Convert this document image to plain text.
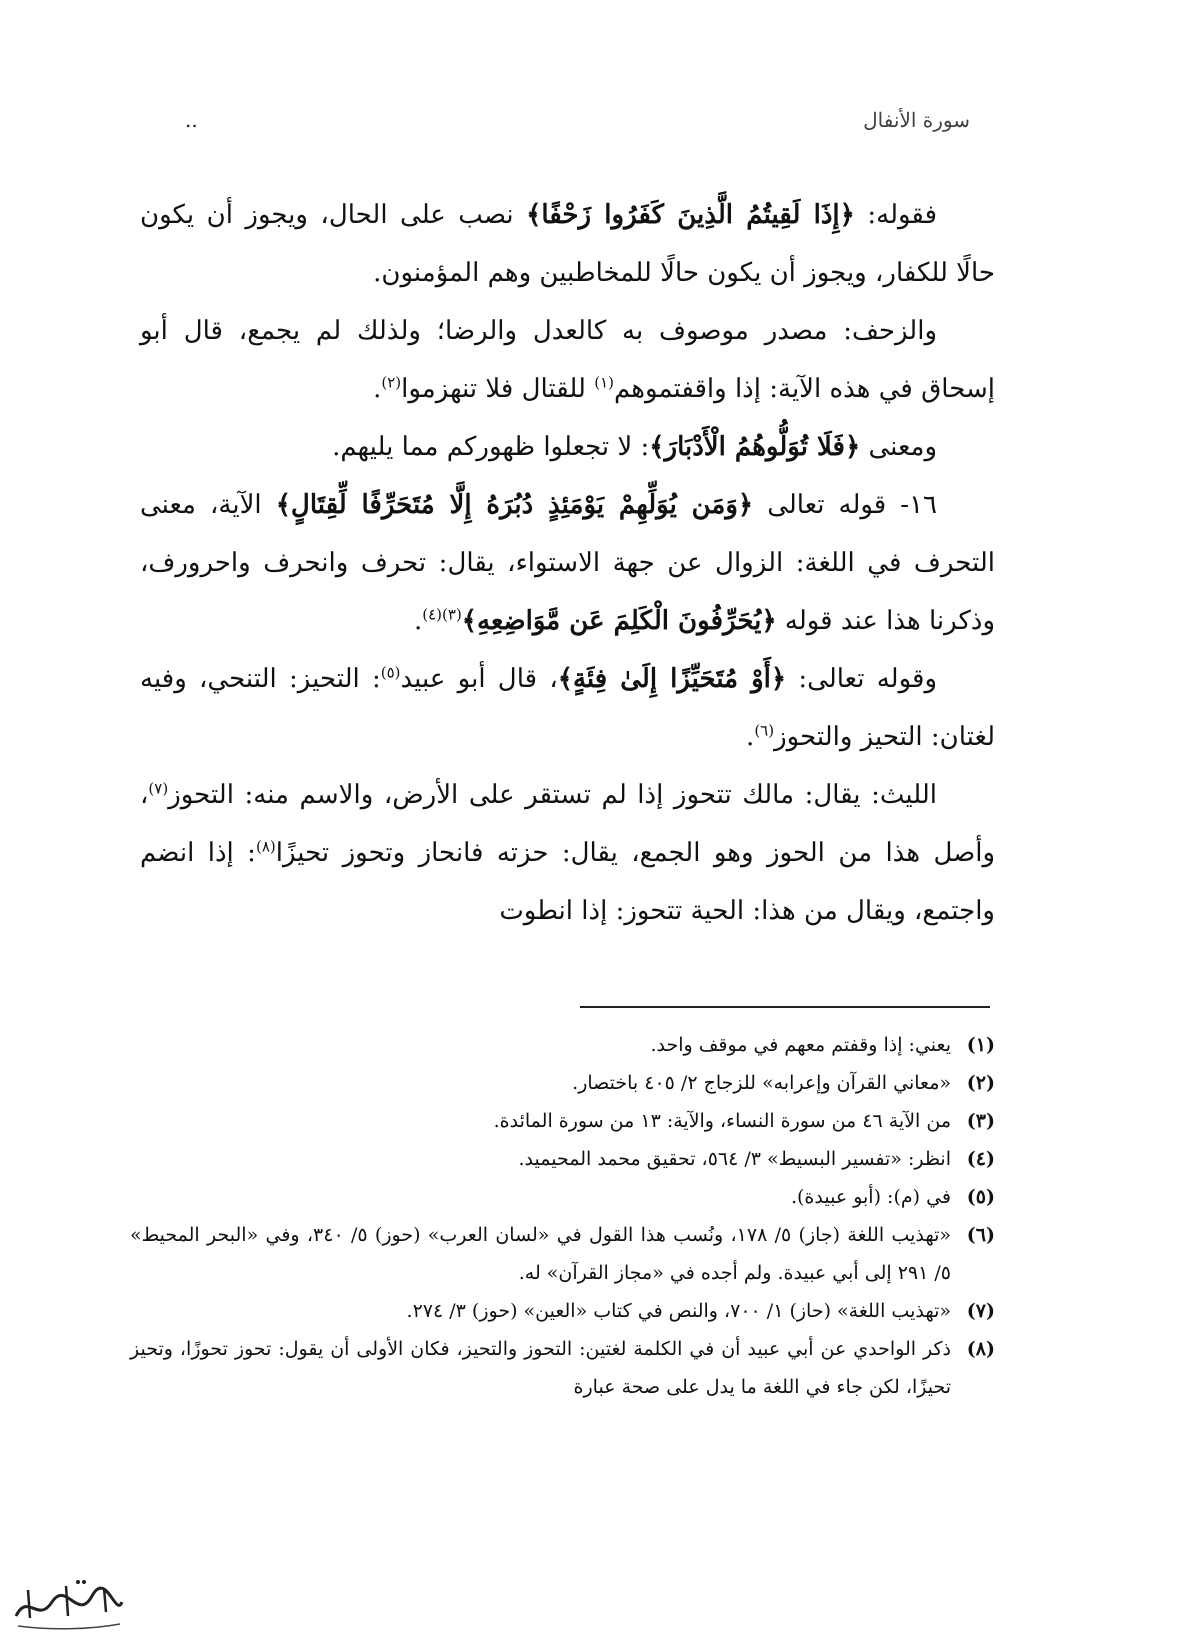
سورة الأنفال
..

فقوله: ﴿إِذَا لَقِيتُمُ الَّذِينَ كَفَرُوا زَحْفًا﴾ نصب على الحال، ويجوز أن يكون حالًا للكفار، ويجوز أن يكون حالًا للمخاطبين وهم المؤمنون.

والزحف: مصدر موصوف به كالعدل والرضا؛ ولذلك لم يجمع، قال أبو إسحاق في هذه الآية: إذا واقفتموهم$^{(١)}$ للقتال فلا تنهزموا$^{(٢)}$.

ومعنى ﴿فَلَا تُوَلُّوهُمُ الْأَدْبَارَ﴾: لا تجعلوا ظهوركم مما يليهم.

١٦- قوله تعالى ﴿وَمَن يُوَلِّهِمْ يَوْمَئِذٍ دُبُرَهُ إِلَّا مُتَحَرِّفًا لِّقِتَالٍ﴾ الآية، معنى التحرف في اللغة: الزوال عن جهة الاستواء، يقال: تحرف وانحرف واحرورف، وذكرنا هذا عند قوله ﴿يُحَرِّفُونَ الْكَلِمَ عَن مَّوَاضِعِهِ﴾$^{(٣)(٤)}$.

وقوله تعالى: ﴿أَوْ مُتَحَيِّزًا إِلَىٰ فِئَةٍ﴾، قال أبو عبيد$^{(٥)}$: التحيز: التنحي، وفيه لغتان: التحيز والتحوز$^{(٦)}$.

الليث: يقال: مالك تتحوز إذا لم تستقر على الأرض، والاسم منه: التحوز$^{(٧)}$، وأصل هذا من الحوز وهو الجمع، يقال: حزته فانحاز وتحوز تحيزًا$^{(٨)}$: إذا انضم واجتمع، ويقال من هذا: الحية تتحوز: إذا انطوت

(١)
يعني: إذا وقفتم معهم في موقف واحد.
(٢)
«معاني القرآن وإعرابه» للزجاج ٢/ ٤٠٥ باختصار.
(٣)
من الآية ٤٦ من سورة النساء، والآية: ١٣ من سورة المائدة.
(٤)
انظر: «تفسير البسيط» ٣/ ٥٦٤، تحقيق محمد المحيميد.
(٥)
في (م): (أبو عبيدة).
(٦)
«تهذيب اللغة (جاز) ٥/ ١٧٨، ونُسب هذا القول في «لسان العرب» (حوز) ٥/ ٣٤٠، وفي «البحر المحيط» ٥/ ٢٩١ إلى أبي عبيدة. ولم أجده في «مجاز القرآن» له.
(٧)
«تهذيب اللغة» (حاز) ١/ ٧٠٠، والنص في كتاب «العين» (حوز) ٣/ ٢٧٤.
(٨)
ذكر الواحدي عن أبي عبيد أن في الكلمة لغتين: التحوز والتحيز، فكان الأولى أن يقول: تحوز تحوزًا، وتحيز تحيزًا، لكن جاء في اللغة ما يدل على صحة عبارة
